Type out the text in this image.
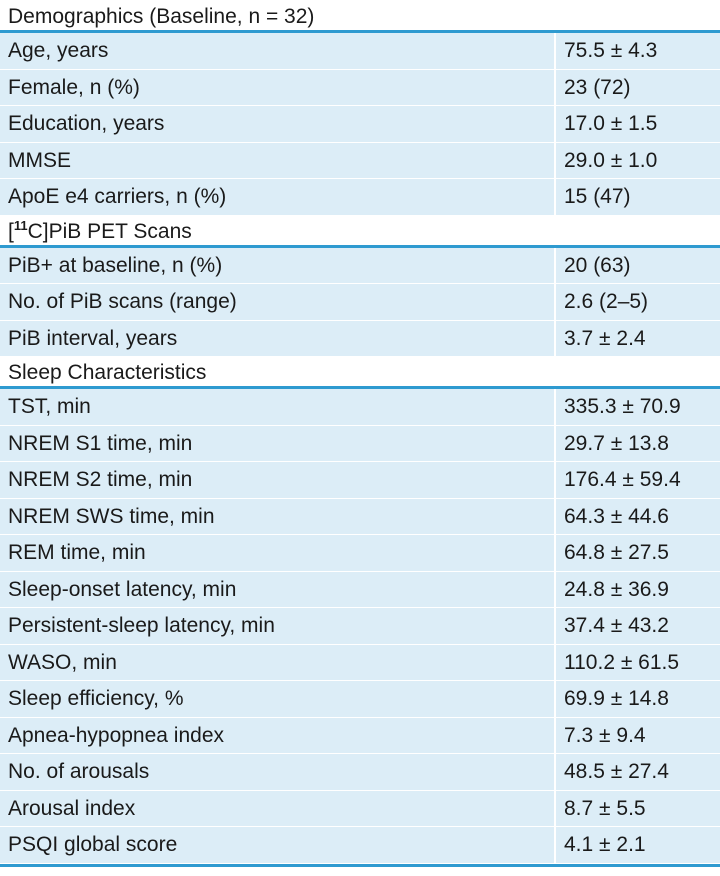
Demographics (Baseline, n = 32)
Age, years	75.5 ± 4.3
Female, n (%)	23 (72)
Education, years	17.0 ± 1.5
MMSE	29.0 ± 1.0
ApoE e4 carriers, n (%)	15 (47)
[$^{11}$C]PiB PET Scans
PiB+ at baseline, n (%)	20 (63)
No. of PiB scans (range)	2.6 (2–5)
PiB interval, years	3.7 ± 2.4
Sleep Characteristics
TST, min	335.3 ± 70.9
NREM S1 time, min	29.7 ± 13.8
NREM S2 time, min	176.4 ± 59.4
NREM SWS time, min	64.3 ± 44.6
REM time, min	64.8 ± 27.5
Sleep-onset latency, min	24.8 ± 36.9
Persistent-sleep latency, min	37.4 ± 43.2
WASO, min	110.2 ± 61.5
Sleep efficiency, %	69.9 ± 14.8
Apnea-hypopnea index	7.3 ± 9.4
No. of arousals	48.5 ± 27.4
Arousal index	8.7 ± 5.5
PSQI global score	4.1 ± 2.1
